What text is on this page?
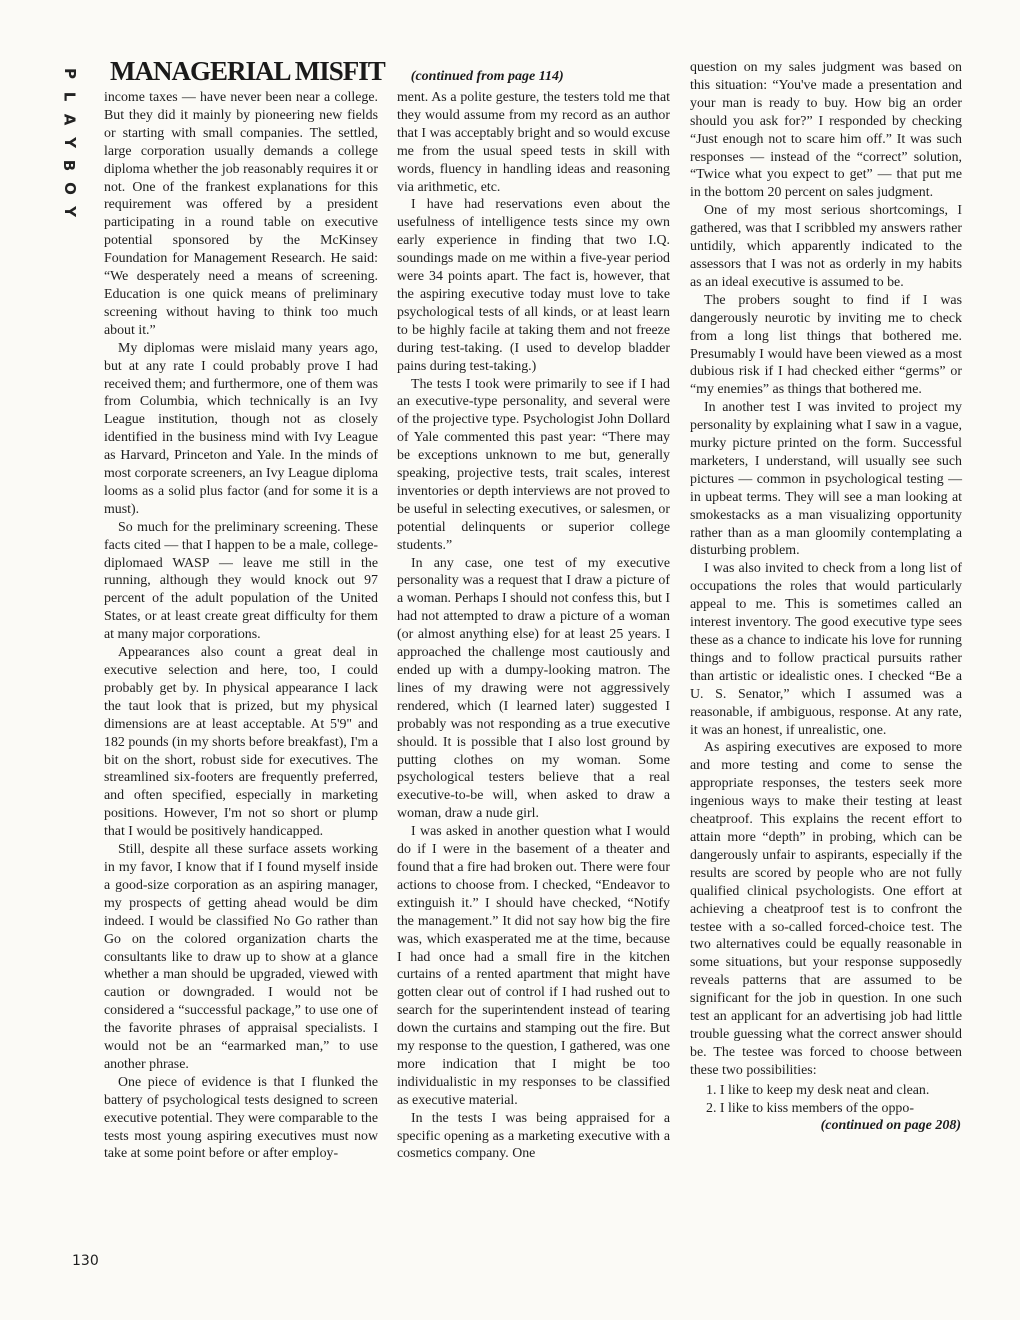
P
L
A
Y
B
O
Y
MANAGERIAL MISFIT (continued from page 114)

income taxes — have never been near a college. But they did it mainly by pioneering new fields or starting with small companies. The settled, large corporation usually demands a college diploma whether the job reasonably requires it or not. One of the frankest explanations for this requirement was offered by a president participating in a round table on executive potential sponsored by the McKinsey Foundation for Management Research. He said: “We desperately need a means of screening. Education is one quick means of preliminary screening without having to think too much about it.”

My diplomas were mislaid many years ago, but at any rate I could probably prove I had received them; and furthermore, one of them was from Columbia, which technically is an Ivy League institution, though not as closely identified in the business mind with Ivy League as Harvard, Princeton and Yale. In the minds of most corporate screeners, an Ivy League diploma looms as a solid plus factor (and for some it is a must).

So much for the preliminary screening. These facts cited — that I happen to be a male, college-diplomaed WASP — leave me still in the running, although they would knock out 97 percent of the adult population of the United States, or at least create great difficulty for them at many major corporations.

Appearances also count a great deal in executive selection and here, too, I could probably get by. In physical appearance I lack the taut look that is prized, but my physical dimensions are at least acceptable. At 5'9" and 182 pounds (in my shorts before breakfast), I'm a bit on the short, robust side for executives. The streamlined six-footers are frequently preferred, and often specified, especially in marketing positions. However, I'm not so short or plump that I would be positively handicapped.

Still, despite all these surface assets working in my favor, I know that if I found myself inside a good-size corporation as an aspiring manager, my prospects of getting ahead would be dim indeed. I would be classified No Go rather than Go on the colored organization charts the consultants like to draw up to show at a glance whether a man should be upgraded, viewed with caution or downgraded. I would not be considered a “successful package,” to use one of the favorite phrases of appraisal specialists. I would not be an “earmarked man,” to use another phrase.

One piece of evidence is that I flunked the battery of psychological tests designed to screen executive potential. They were comparable to the tests most young aspiring executives must now take at some point before or after employ-

ment. As a polite gesture, the testers told me that they would assume from my record as an author that I was acceptably bright and so would excuse me from the usual speed tests in skill with words, fluency in handling ideas and reasoning via arithmetic, etc.

I have had reservations even about the usefulness of intelligence tests since my own early experience in finding that two I.Q. soundings made on me within a five-year period were 34 points apart. The fact is, however, that the aspiring executive today must love to take psychological tests of all kinds, or at least learn to be highly facile at taking them and not freeze during test-taking. (I used to develop bladder pains during test-taking.)

The tests I took were primarily to see if I had an executive-type personality, and several were of the projective type. Psychologist John Dollard of Yale commented this past year: “There may be exceptions unknown to me but, generally speaking, projective tests, trait scales, interest inventories or depth interviews are not proved to be useful in selecting executives, or salesmen, or potential delinquents or superior college students.”

In any case, one test of my executive personality was a request that I draw a picture of a woman. Perhaps I should not confess this, but I had not attempted to draw a picture of a woman (or almost anything else) for at least 25 years. I approached the challenge most cautiously and ended up with a dumpy-looking matron. The lines of my drawing were not aggressively rendered, which (I learned later) suggested I probably was not responding as a true executive should. It is possible that I also lost ground by putting clothes on my woman. Some psychological testers believe that a real executive-to-be will, when asked to draw a woman, draw a nude girl.

I was asked in another question what I would do if I were in the basement of a theater and found that a fire had broken out. There were four actions to choose from. I checked, “Endeavor to extinguish it.” I should have checked, “Notify the management.” It did not say how big the fire was, which exasperated me at the time, because I had once had a small fire in the kitchen curtains of a rented apartment that might have gotten clear out of control if I had rushed out to search for the superintendent instead of tearing down the curtains and stamping out the fire. But my response to the question, I gathered, was one more indication that I might be too individualistic in my responses to be classified as executive material.

In the tests I was being appraised for a specific opening as a marketing executive with a cosmetics company. One

question on my sales judgment was based on this situation: “You've made a presentation and your man is ready to buy. How big an order should you ask for?” I responded by checking “Just enough not to scare him off.” It was such responses — instead of the “correct” solution, “Twice what you expect to get” — that put me in the bottom 20 percent on sales judgment.

One of my most serious shortcomings, I gathered, was that I scribbled my answers rather untidily, which apparently indicated to the assessors that I was not as orderly in my habits as an ideal executive is assumed to be.

The probers sought to find if I was dangerously neurotic by inviting me to check from a long list things that bothered me. Presumably I would have been viewed as a most dubious risk if I had checked either “germs” or “my enemies” as things that bothered me.

In another test I was invited to project my personality by explaining what I saw in a vague, murky picture printed on the form. Successful marketers, I understand, will usually see such pictures — common in psychological testing — in upbeat terms. They will see a man looking at smokestacks as a man visualizing opportunity rather than as a man gloomily contemplating a disturbing problem.

I was also invited to check from a long list of occupations the roles that would particularly appeal to me. This is sometimes called an interest inventory. The good executive type sees these as a chance to indicate his love for running things and to follow practical pursuits rather than artistic or idealistic ones. I checked “Be a U. S. Senator,” which I assumed was a reasonable, if ambiguous, response. At any rate, it was an honest, if unrealistic, one.

As aspiring executives are exposed to more and more testing and come to sense the appropriate responses, the testers seek more ingenious ways to make their testing at least cheatproof. This explains the recent effort to attain more “depth” in probing, which can be dangerously unfair to aspirants, especially if the results are scored by people who are not fully qualified clinical psychologists. One effort at achieving a cheatproof test is to confront the testee with a so-called forced-choice test. The two alternatives could be equally reasonable in some situations, but your response supposedly reveals patterns that are assumed to be significant for the job in question. In one such test an applicant for an advertising job had little trouble guessing what the correct answer should be. The testee was forced to choose between these two possibilities:

1. I like to keep my desk neat and clean.
2. I like to kiss members of the oppo-
(continued on page 208)
130
